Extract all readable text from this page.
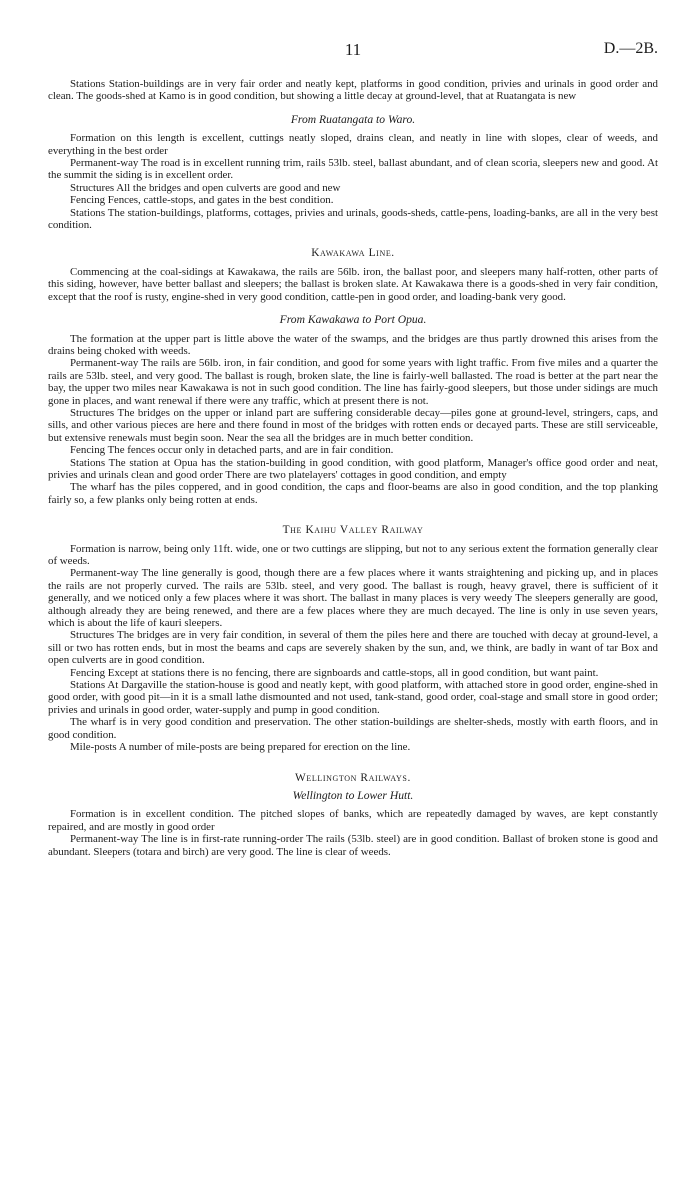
11	D.—2B.

Stations Station-buildings are in very fair order and neatly kept, platforms in good condition, privies and urinals in good order and clean. The goods-shed at Kamo is in good condition, but showing a little decay at ground-level, that at Ruatangata is new

From Ruatangata to Waro.

Formation on this length is excellent, cuttings neatly sloped, drains clean, and neatly in line with slopes, clear of weeds, and everything in the best order

Permanent-way The road is in excellent running trim, rails 53lb. steel, ballast abundant, and of clean scoria, sleepers new and good. At the summit the siding is in excellent order.

Structures All the bridges and open culverts are good and new

Fencing Fences, cattle-stops, and gates in the best condition.

Stations The station-buildings, platforms, cottages, privies and urinals, goods-sheds, cattle-pens, loading-banks, are all in the very best condition.

Kawakawa Line.

Commencing at the coal-sidings at Kawakawa, the rails are 56lb. iron, the ballast poor, and sleepers many half-rotten, other parts of this siding, however, have better ballast and sleepers; the ballast is broken slate. At Kawakawa there is a goods-shed in very fair condition, except that the roof is rusty, engine-shed in very good condition, cattle-pen in good order, and loading-bank very good.

From Kawakawa to Port Opua.

The formation at the upper part is little above the water of the swamps, and the bridges are thus partly drowned this arises from the drains being choked with weeds.

Permanent-way The rails are 56lb. iron, in fair condition, and good for some years with light traffic. From five miles and a quarter the rails are 53lb. steel, and very good. The ballast is rough, broken slate, the line is fairly-well ballasted. The road is better at the part near the bay, the upper two miles near Kawakawa is not in such good condition. The line has fairly-good sleepers, but those under sidings are much gone in places, and want renewal if there were any traffic, which at present there is not.

Structures The bridges on the upper or inland part are suffering considerable decay—piles gone at ground-level, stringers, caps, and sills, and other various pieces are here and there found in most of the bridges with rotten ends or decayed parts. These are still serviceable, but extensive renewals must begin soon. Near the sea all the bridges are in much better condition.

Fencing The fences occur only in detached parts, and are in fair condition.

Stations The station at Opua has the station-building in good condition, with good platform, Manager's office good order and neat, privies and urinals clean and good order There are two platelayers' cottages in good condition, and empty

The wharf has the piles coppered, and in good condition, the caps and floor-beams are also in good condition, and the top planking fairly so, a few planks only being rotten at ends.

The Kaihu Valley Railway

Formation is narrow, being only 11ft. wide, one or two cuttings are slipping, but not to any serious extent the formation generally clear of weeds.

Permanent-way The line generally is good, though there are a few places where it wants straightening and picking up, and in places the rails are not properly curved. The rails are 53lb. steel, and very good. The ballast is rough, heavy gravel, there is sufficient of it generally, and we noticed only a few places where it was short. The ballast in many places is very weedy The sleepers generally are good, although already they are being renewed, and there are a few places where they are much decayed. The line is only in use seven years, which is about the life of kauri sleepers.

Structures The bridges are in very fair condition, in several of them the piles here and there are touched with decay at ground-level, a sill or two has rotten ends, but in most the beams and caps are severely shaken by the sun, and, we think, are badly in want of tar Box and open culverts are in good condition.

Fencing Except at stations there is no fencing, there are signboards and cattle-stops, all in good condition, but want paint.

Stations At Dargaville the station-house is good and neatly kept, with good platform, with attached store in good order, engine-shed in good order, with good pit—in it is a small lathe dismounted and not used, tank-stand, good order, coal-stage and small store in good order; privies and urinals in good order, water-supply and pump in good condition.

The wharf is in very good condition and preservation. The other station-buildings are shelter-sheds, mostly with earth floors, and in good condition.

Mile-posts A number of mile-posts are being prepared for erection on the line.

Wellington Railways.
Wellington to Lower Hutt.

Formation is in excellent condition. The pitched slopes of banks, which are repeatedly damaged by waves, are kept constantly repaired, and are mostly in good order

Permanent-way The line is in first-rate running-order The rails (53lb. steel) are in good condition. Ballast of broken stone is good and abundant. Sleepers (totara and birch) are very good. The line is clear of weeds.
